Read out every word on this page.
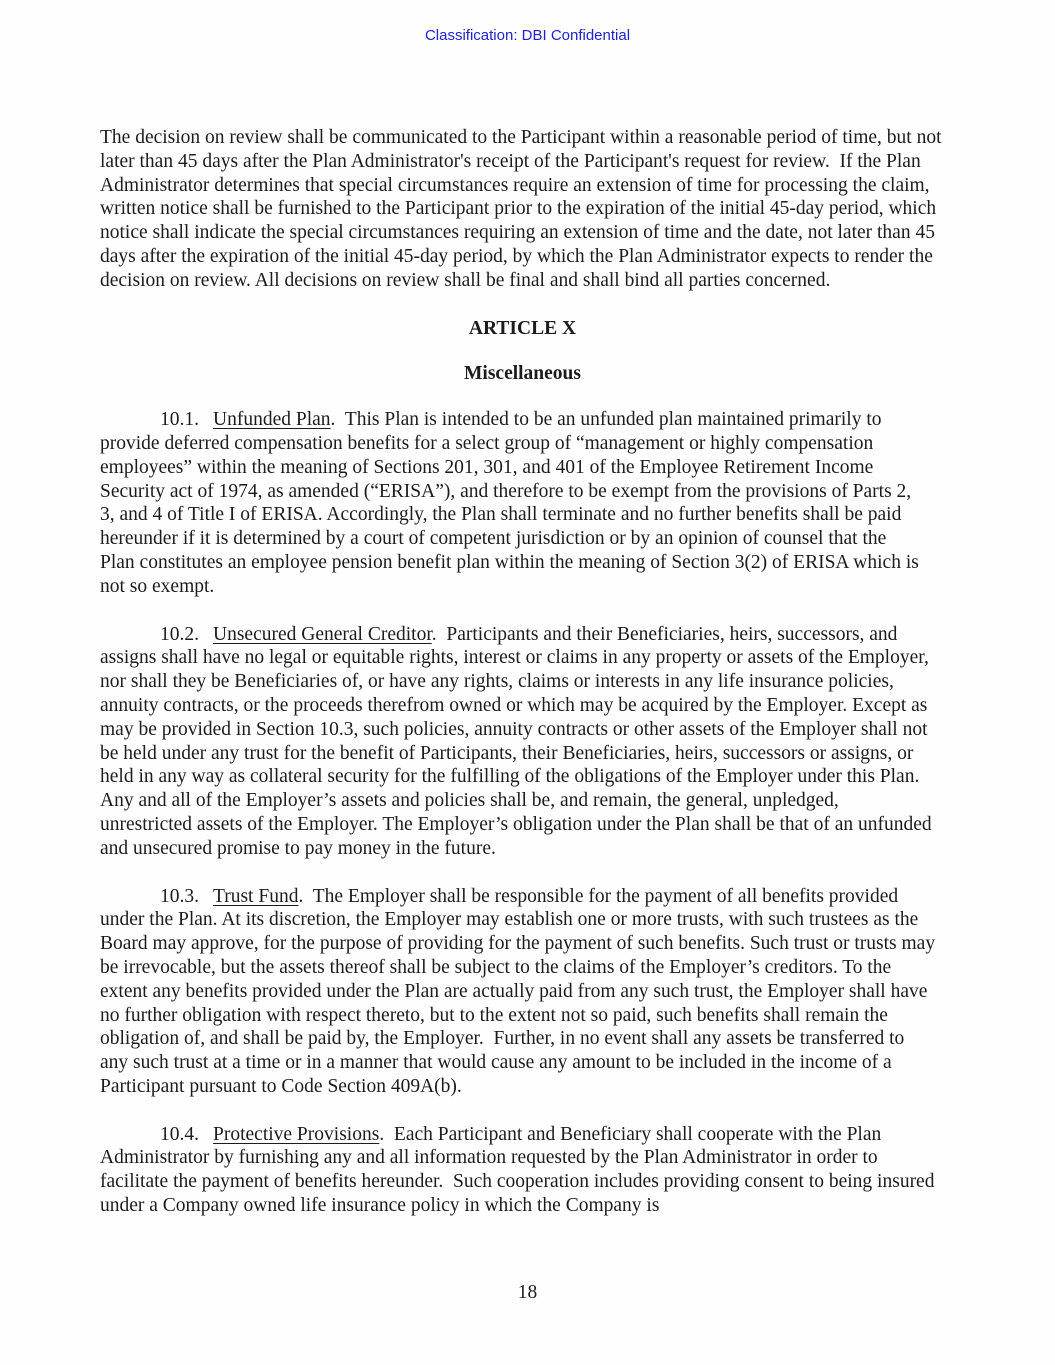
Classification: DBI Confidential

The decision on review shall be communicated to the Participant within a reasonable period of time, but not later than 45 days after the Plan Administrator's receipt of the Participant's request for review.  If the Plan Administrator determines that special circumstances require an extension of time for processing the claim, written notice shall be furnished to the Participant prior to the expiration of the initial 45-day period, which notice shall indicate the special circumstances requiring an extension of time and the date, not later than 45 days after the expiration of the initial 45-day period, by which the Plan Administrator expects to render the decision on review. All decisions on review shall be final and shall bind all parties concerned.

ARTICLE X

Miscellaneous

10.1. Unfunded Plan.  This Plan is intended to be an unfunded plan maintained primarily to provide deferred compensation benefits for a select group of “management or highly compensation employees” within the meaning of Sections 201, 301, and 401 of the Employee Retirement Income Security act of 1974, as amended (“ERISA”), and therefore to be exempt from the provisions of Parts 2, 3, and 4 of Title I of ERISA. Accordingly, the Plan shall terminate and no further benefits shall be paid hereunder if it is determined by a court of competent jurisdiction or by an opinion of counsel that the Plan constitutes an employee pension benefit plan within the meaning of Section 3(2) of ERISA which is not so exempt.

10.2. Unsecured General Creditor.  Participants and their Beneficiaries, heirs, successors, and assigns shall have no legal or equitable rights, interest or claims in any property or assets of the Employer, nor shall they be Beneficiaries of, or have any rights, claims or interests in any life insurance policies, annuity contracts, or the proceeds therefrom owned or which may be acquired by the Employer. Except as may be provided in Section 10.3, such policies, annuity contracts or other assets of the Employer shall not be held under any trust for the benefit of Participants, their Beneficiaries, heirs, successors or assigns, or held in any way as collateral security for the fulfilling of the obligations of the Employer under this Plan. Any and all of the Employer’s assets and policies shall be, and remain, the general, unpledged, unrestricted assets of the Employer. The Employer’s obligation under the Plan shall be that of an unfunded and unsecured promise to pay money in the future.

10.3. Trust Fund.  The Employer shall be responsible for the payment of all benefits provided under the Plan. At its discretion, the Employer may establish one or more trusts, with such trustees as the Board may approve, for the purpose of providing for the payment of such benefits. Such trust or trusts may be irrevocable, but the assets thereof shall be subject to the claims of the Employer’s creditors. To the extent any benefits provided under the Plan are actually paid from any such trust, the Employer shall have no further obligation with respect thereto, but to the extent not so paid, such benefits shall remain the obligation of, and shall be paid by, the Employer.  Further, in no event shall any assets be transferred to any such trust at a time or in a manner that would cause any amount to be included in the income of a Participant pursuant to Code Section 409A(b).

10.4. Protective Provisions.  Each Participant and Beneficiary shall cooperate with the Plan Administrator by furnishing any and all information requested by the Plan Administrator in order to facilitate the payment of benefits hereunder.  Such cooperation includes providing consent to being insured under a Company owned life insurance policy in which the Company is

18
